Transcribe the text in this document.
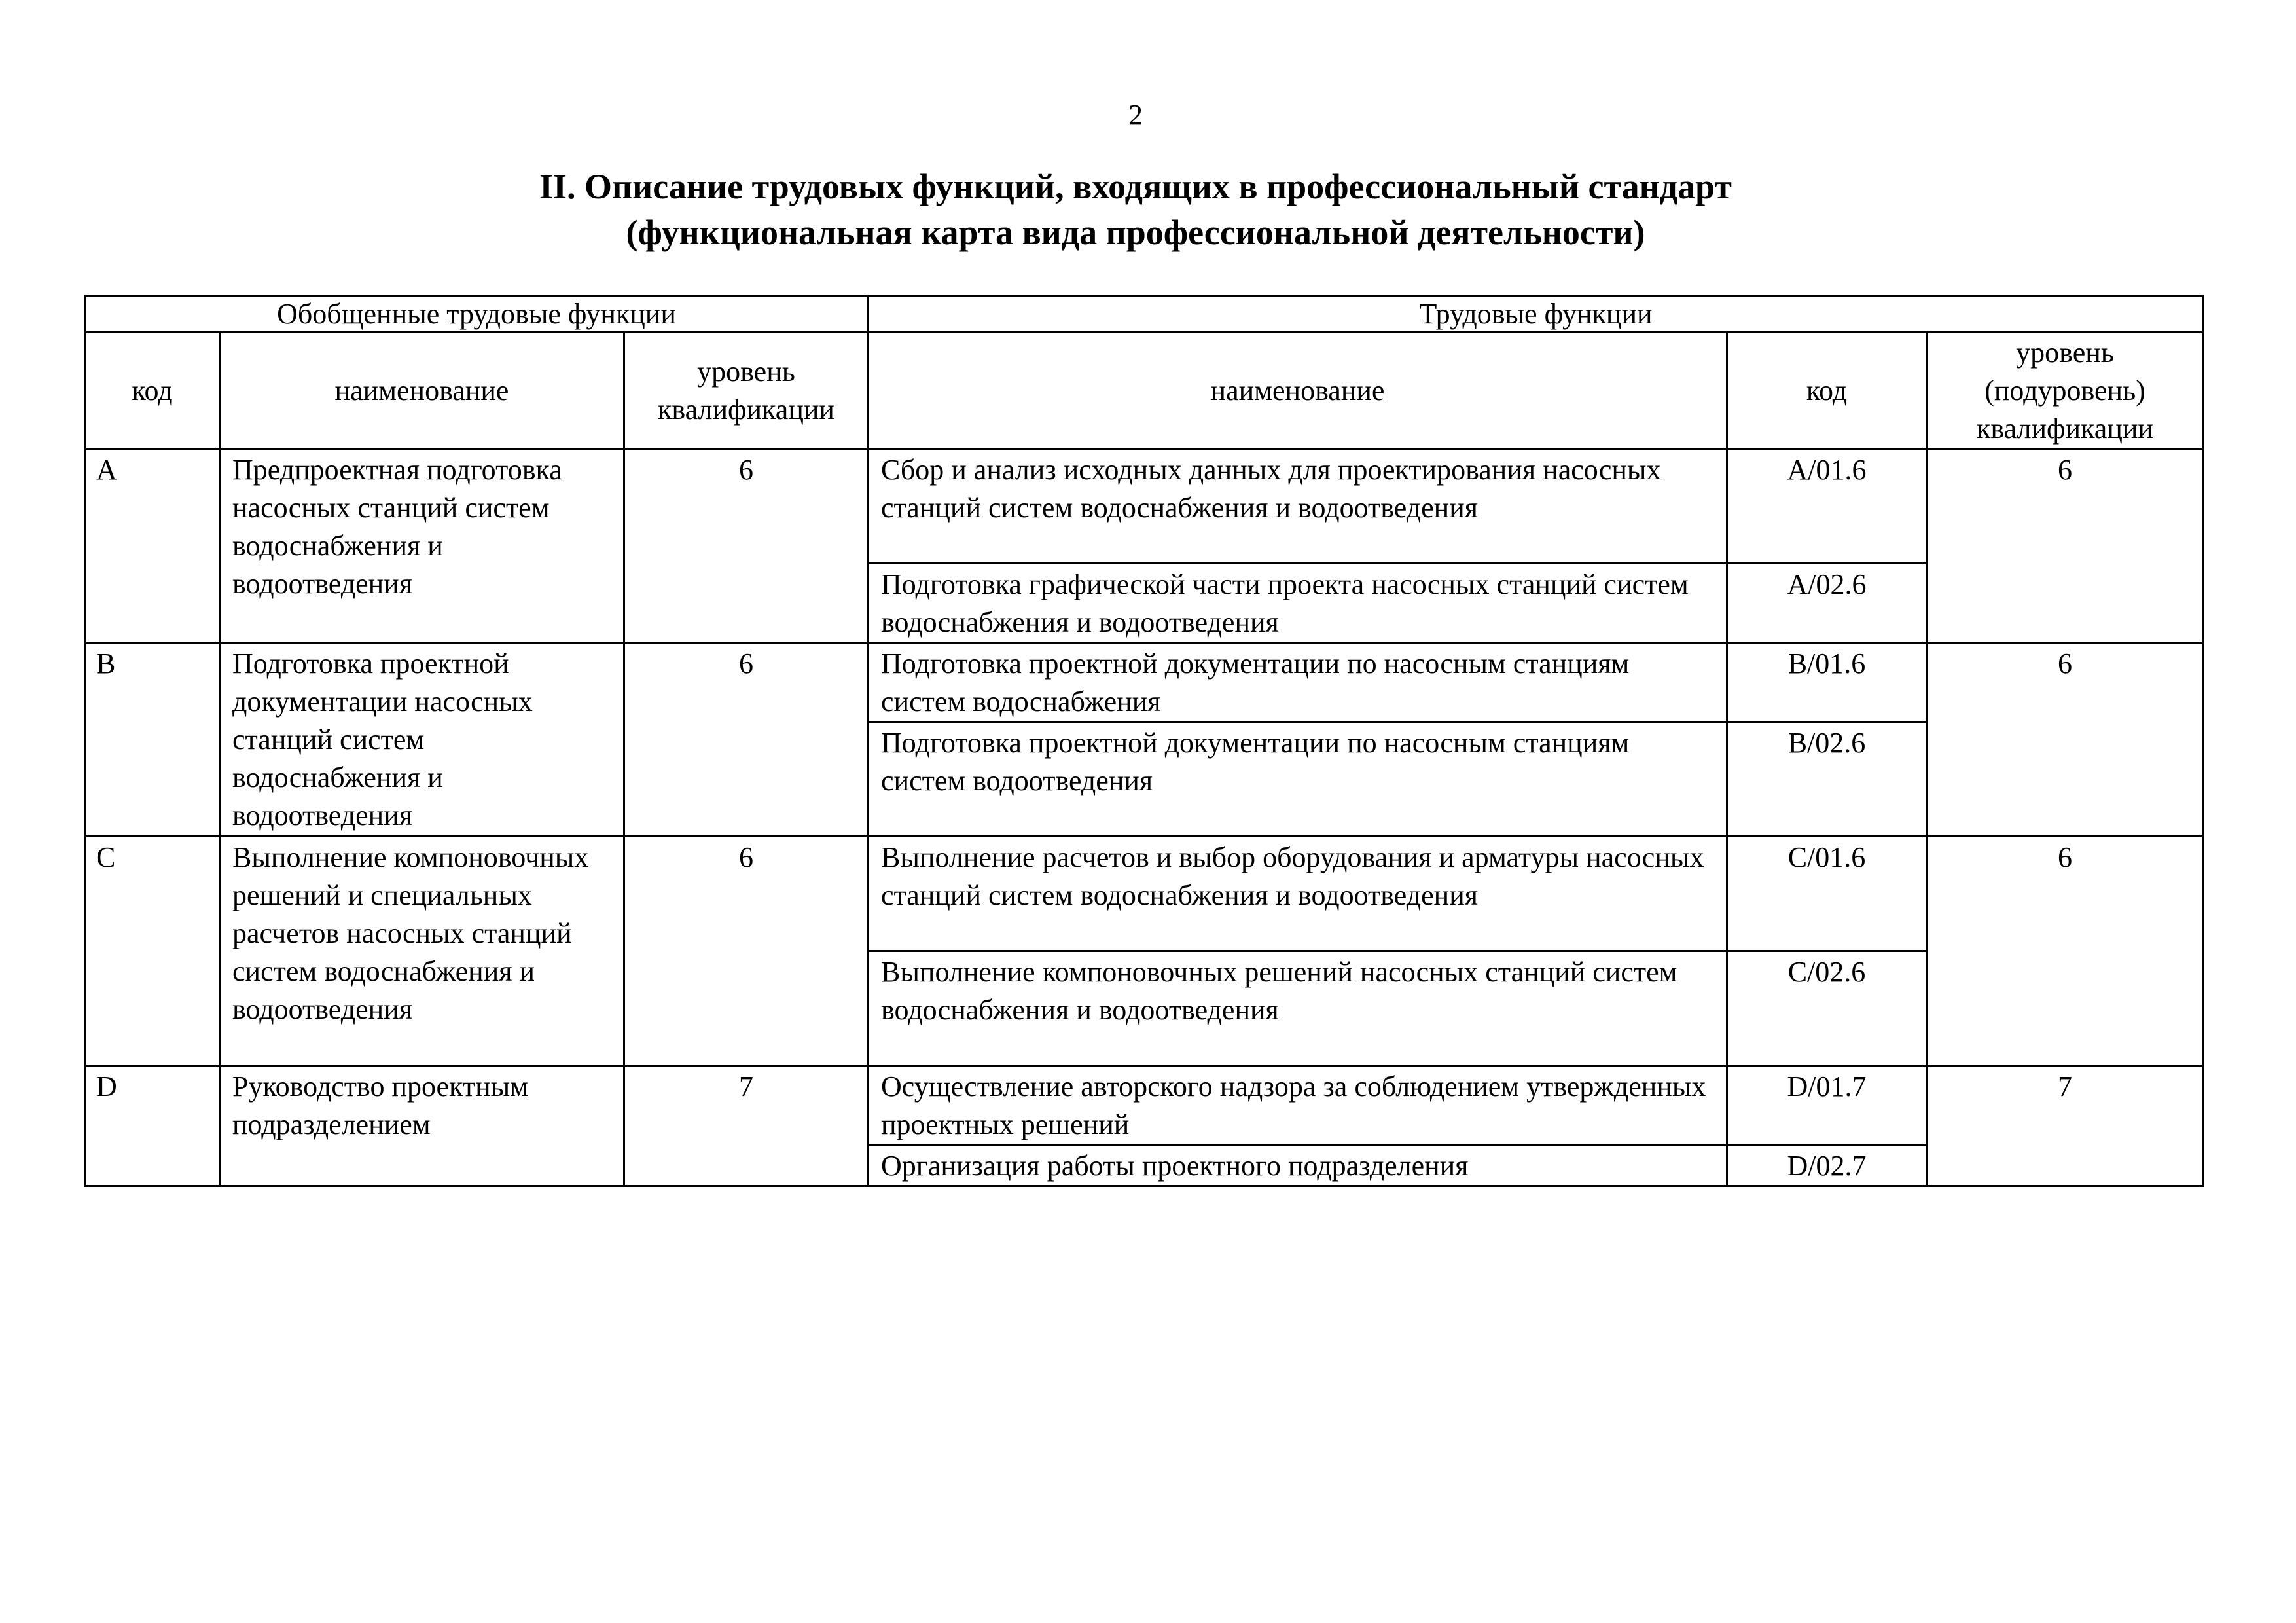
2
II. Описание трудовых функций, входящих в профессиональный стандарт
(функциональная карта вида профессиональной деятельности)
Обобщенные трудовые функции			Трудовые функции		
код	наименование	уровень квалификации	наименование	код	уровень (подуровень) квалификации
A	Предпроектная подготовка насосных станций систем водоснабжения и водоотведения	6	Сбор и анализ исходных данных для проектирования насосных станций систем водоснабжения и водоотведения	A/01.6	6
			Подготовка графической части проекта насосных станций систем водоснабжения и водоотведения	A/02.6	
B	Подготовка проектной документации насосных станций систем водоснабжения и водоотведения	6	Подготовка проектной документации по насосным станциям систем водоснабжения	B/01.6	6
			Подготовка проектной документации по насосным станциям систем водоотведения	B/02.6	
C	Выполнение компоновочных решений и специальных расчетов насосных станций систем водоснабжения и водоотведения	6	Выполнение расчетов и выбор оборудования и арматуры насосных станций систем водоснабжения и водоотведения	C/01.6	6
			Выполнение компоновочных решений насосных станций систем водоснабжения и водоотведения	C/02.6	
D	Руководство проектным подразделением	7	Осуществление авторского надзора за соблюдением утвержденных проектных решений	D/01.7	7
			Организация работы проектного подразделения	D/02.7	
